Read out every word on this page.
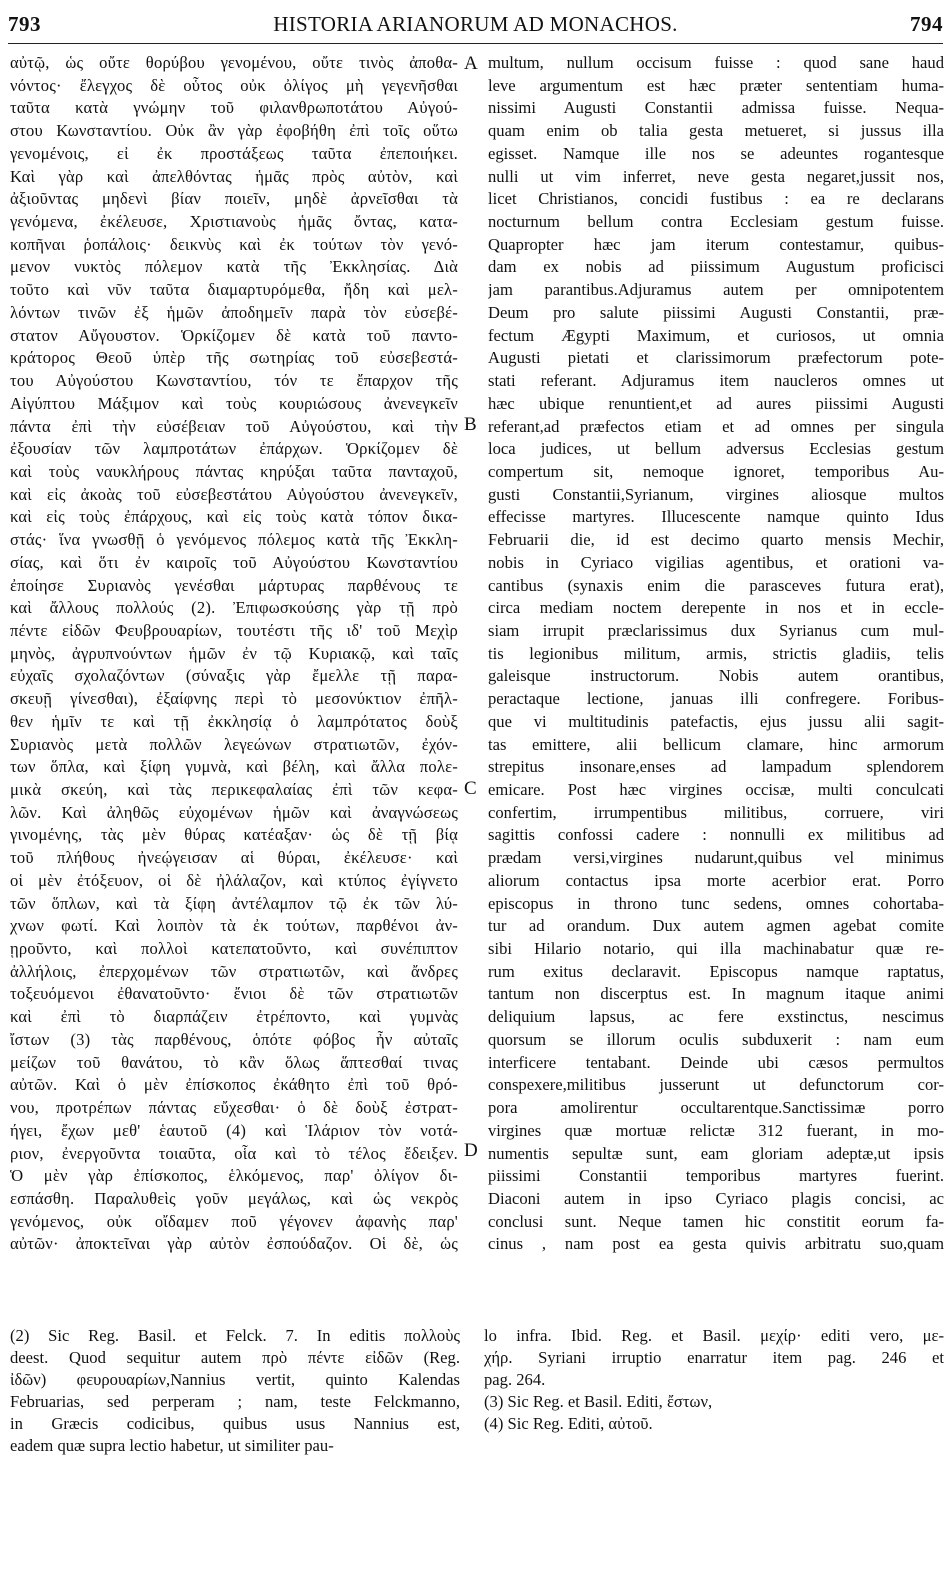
793	HISTORIA ARIANORUM AD MONACHOS.	794
αὐτῷ, ὡς οὔτε θορύβου γενομένου, οὔτε τινὸς ἀποθα-
νόντος· ἔλεγχος δὲ οὗτος οὐκ ὀλίγος μὴ γεγενῆσθαι
ταῦτα κατὰ γνώμην τοῦ φιλανθρωποτάτου Αὐγού-
στου Κωνσταντίου. Οὐκ ἂν γὰρ ἐφοβήθη ἐπὶ τοῖς οὕτω
γενομένοις, εἰ ἐκ προστάξεως ταῦτα ἐπεποιήκει.
Καὶ γὰρ καὶ ἀπελθόντας ἡμᾶς πρὸς αὐτὸν, καὶ
ἀξιοῦντας μηδενὶ βίαν ποιεῖν, μηδὲ ἀρνεῖσθαι τὰ
γενόμενα, ἐκέλευσε, Χριστιανοὺς ἡμᾶς ὄντας, κατα-
κοπῆναι ῥοπάλοις· δεικνὺς καὶ ἐκ τούτων τὸν γενό-
μενον νυκτὸς πόλεμον κατὰ τῆς Ἐκκλησίας. Διὰ
τοῦτο καὶ νῦν ταῦτα διαμαρτυρόμεθα, ἤδη καὶ μελ-
λόντων τινῶν ἐξ ἡμῶν ἀποδημεῖν παρὰ τὸν εὐσεβέ-
στατον Αὔγουστον. Ὁρκίζομεν δὲ κατὰ τοῦ παντο-
κράτορος Θεοῦ ὑπὲρ τῆς σωτηρίας τοῦ εὐσεβεστά-
του Αὐγούστου Κωνσταντίου, τόν τε ἔπαρχον τῆς
Αἰγύπτου Μάξιμον καὶ τοὺς κουριώσους ἀνενεγκεῖν
πάντα ἐπὶ τὴν εὐσέβειαν τοῦ Αὐγούστου, καὶ τὴν
ἐξουσίαν τῶν λαμπροτάτων ἐπάρχων. Ὁρκίζομεν δὲ
καὶ τοὺς ναυκλήρους πάντας κηρύξαι ταῦτα πανταχοῦ,
καὶ εἰς ἀκοὰς τοῦ εὐσεβεστάτου Αὐγούστου ἀνενεγκεῖν,
καὶ εἰς τοὺς ἐπάρχους, καὶ εἰς τοὺς κατὰ τόπον δικα-
στάς· ἵνα γνωσθῇ ὁ γενόμενος πόλεμος κατὰ τῆς Ἐκκλη-
σίας, καὶ ὅτι ἐν καιροῖς τοῦ Αὐγούστου Κωνσταντίου
ἐποίησε Συριανὸς γενέσθαι μάρτυρας παρθένους τε
καὶ ἄλλους πολλούς (2). Ἐπιφωσκούσης γὰρ τῇ πρὸ
πέντε εἰδῶν Φευβρουαρίων, τουτέστι τῆς ιδ' τοῦ Μεχὶρ
μηνὸς, ἀγρυπνούντων ἡμῶν ἐν τῷ Κυριακῷ, καὶ ταῖς
εὐχαῖς σχολαζόντων (σύναξις γὰρ ἔμελλε τῇ παρα-
σκευῇ γίνεσθαι), ἐξαίφνης περὶ τὸ μεσονύκτιον ἐπῆλ-
θεν ἡμῖν τε καὶ τῇ ἐκκλησίᾳ ὁ λαμπρότατος δοὺξ
Συριανὸς μετὰ πολλῶν λεγεώνων στρατιωτῶν, ἐχόν-
των ὅπλα, καὶ ξίφη γυμνὰ, καὶ βέλη, καὶ ἄλλα πολε-
μικὰ σκεύη, καὶ τὰς περικεφαλαίας ἐπὶ τῶν κεφα-
λῶν. Καὶ ἀληθῶς εὐχομένων ἡμῶν καὶ ἀναγνώσεως
γινομένης, τὰς μὲν θύρας κατέαξαν· ὡς δὲ τῇ βίᾳ
τοῦ πλήθους ἠνεῴγεισαν αἱ θύραι, ἐκέλευσε· καὶ
οἱ μὲν ἐτόξευον, οἱ δὲ ἠλάλαζον, καὶ κτύπος ἐγίγνετο
τῶν ὅπλων, καὶ τὰ ξίφη ἀντέλαμπον τῷ ἐκ τῶν λύ-
χνων φωτί. Καὶ λοιπὸν τὰ ἐκ τούτων, παρθένοι ἀν-
ῃροῦντο, καὶ πολλοὶ κατεπατοῦντο, καὶ συνέπιπτον
ἀλλήλοις, ἐπερχομένων τῶν στρατιωτῶν, καὶ ἄνδρες
τοξευόμενοι ἐθανατοῦντο· ἔνιοι δὲ τῶν στρατιωτῶν
καὶ ἐπὶ τὸ διαρπάζειν ἐτρέποντο, καὶ γυμνὰς
ἴστων (3) τὰς παρθένους, ὁπότε φόβος ἦν αὐταῖς
μείζων τοῦ θανάτου, τὸ κἂν ὅλως ἅπτεσθαί τινας
αὐτῶν. Καὶ ὁ μὲν ἐπίσκοπος ἐκάθητο ἐπὶ τοῦ θρό-
νου, προτρέπων πάντας εὔχεσθαι· ὁ δὲ δοὺξ ἐστρατ-
ήγει, ἔχων μεθ' ἑαυτοῦ (4) καὶ Ἱλάριον τὸν νοτά-
ριον, ἐνεργοῦντα τοιαῦτα, οἷα καὶ τὸ τέλος ἔδειξεν.
Ὁ μὲν γὰρ ἐπίσκοπος, ἑλκόμενος, παρ' ὀλίγον δι-
εσπάσθη. Παραλυθεὶς γοῦν μεγάλως, καὶ ὡς νεκρὸς
γενόμενος, οὐκ οἴδαμεν ποῦ γέγονεν ἀφανὴς παρ'
αὐτῶν· ἀποκτεῖναι γὰρ αὐτὸν ἐσπούδαζον. Οἱ δὲ, ὡς
multum, nullum occisum fuisse : quod sane haud
leve argumentum est hæc præter sententiam huma-
nissimi Augusti Constantii admissa fuisse. Nequa-
quam enim ob talia gesta metueret, si jussus illa
egisset. Namque ille nos se adeuntes rogantesque
nulli ut vim inferret, neve gesta negaret,jussit nos,
licet Christianos, concidi fustibus : ea re declarans
nocturnum bellum contra Ecclesiam gestum fuisse.
Quapropter hæc jam iterum contestamur, quibus-
dam ex nobis ad piissimum Augustum proficisci
jam parantibus.Adjuramus autem per omnipotentem
Deum pro salute piissimi Augusti Constantii, præ-
fectum Ægypti Maximum, et curiosos, ut omnia
Augusti pietati et clarissimorum præfectorum pote-
stati referant. Adjuramus item naucleros omnes ut
hæc ubique renuntient,et ad aures piissimi Augusti
referant,ad præfectos etiam et ad omnes per singula
loca judices, ut bellum adversus Ecclesias gestum
compertum sit, nemoque ignoret, temporibus Au-
gusti Constantii,Syrianum, virgines aliosque multos
effecisse martyres. Illucescente namque quinto Idus
Februarii die, id est decimo quarto mensis Mechir,
nobis in Cyriaco vigilias agentibus, et orationi va-
cantibus (synaxis enim die parasceves futura erat),
circa mediam noctem derepente in nos et in eccle-
siam irrupit præclarissimus dux Syrianus cum mul-
tis legionibus militum, armis, strictis gladiis, telis
galeisque instructorum. Nobis autem orantibus,
peractaque lectione, januas illi confregere. Foribus-
que vi multitudinis patefactis, ejus jussu alii sagit-
tas emittere, alii bellicum clamare, hinc armorum
strepitus insonare,enses ad lampadum splendorem
emicare. Post hæc virgines occisæ, multi conculcati
confertim, irrumpentibus militibus, corruere, viri
sagittis confossi cadere : nonnulli ex militibus ad
prædam versi,virgines nudarunt,quibus vel minimus
aliorum contactus ipsa morte acerbior erat. Porro
episcopus in throno tunc sedens, omnes cohortaba-
tur ad orandum. Dux autem agmen agebat comite
sibi Hilario notario, qui illa machinabatur quæ re-
rum exitus declaravit. Episcopus namque raptatus,
tantum non discerptus est. In magnum itaque animi
deliquium lapsus, ac fere exstinctus, nescimus
quorsum se illorum oculis subduxerit : nam eum
interficere tentabant. Deinde ubi cæsos permultos
conspexere,militibus jusserunt ut defunctorum cor-
pora amolirentur occultarentque.Sanctissimæ porro
virgines quæ mortuæ relictæ 312 fuerant, in mo-
numentis sepultæ sunt, eam gloriam adeptæ,ut ipsis
piissimi Constantii temporibus martyres fuerint.
Diaconi autem in ipso Cyriaco plagis concisi, ac
conclusi sunt. Neque tamen hic constitit eorum fa-
cinus , nam post ea gesta quivis arbitratu suo,quam
A
B
C
D
(2) Sic Reg. Basil. et Felck. 7. In editis πολλοὺς
deest. Quod sequitur autem πρὸ πέντε εἰδῶν (Reg.
ἰδῶν) φευρουαρίων,Nannius vertit, quinto Kalendas
Februarias, sed perperam ; nam, teste Felckmanno,
in Græcis codicibus, quibus usus Nannius est,
eadem quæ supra lectio habetur, ut similiter pau-
lo infra. Ibid. Reg. et Basil. μεχίρ· editi vero, με-
χήρ. Syriani irruptio enarratur item pag. 246 et
pag. 264.
(3) Sic Reg. et Basil. Editi, ἔστων,
(4) Sic Reg. Editi, αὐτοῦ.
